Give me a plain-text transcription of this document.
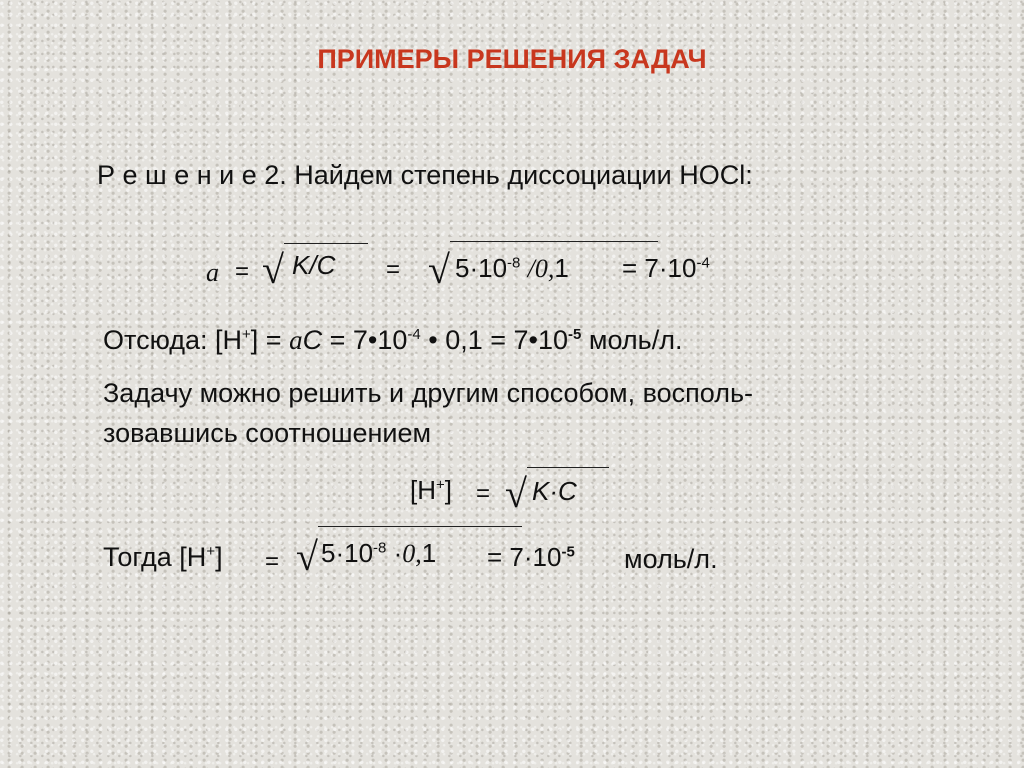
ПРИМЕРЫ РЕШЕНИЯ ЗАДАЧ
Р е ш е н и е 2. Найдем степень диссоциации HOCl:
a = √ K/C = √ $5\cdot 10^{-8}$ $/0,1 = 7\cdot 10^{-4}$
Отсюда: [H+] = aC = $7•10^{-4}$ • $0,1 = 7•10^{-5}$ моль/л.
Задачу можно решить и другим способом, восполь-
зовавшись соотношением
[H+] = √ K·C
Тогда [H+] = √ $5\cdot 10^{-8} \cdot 0,1 = 7\cdot 10^{-5}$ моль/л.
